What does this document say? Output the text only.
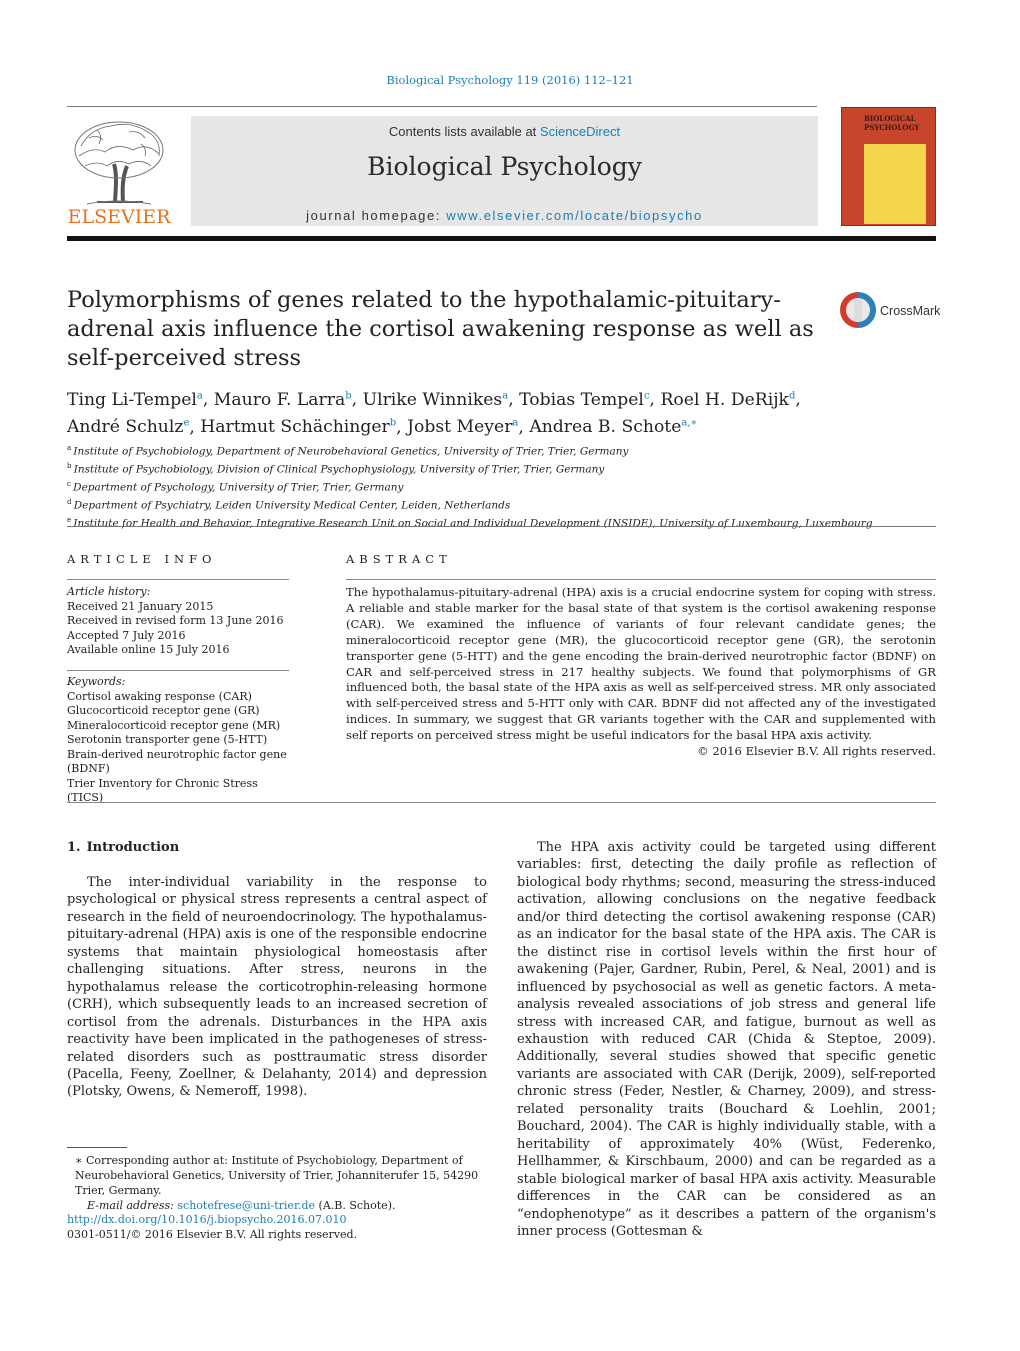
Biological Psychology 119 (2016) 112–121
ELSEVIER
Contents lists available at ScienceDirect
Biological Psychology
journal homepage: www.elsevier.com/locate/biopsycho
BIOLOGICAL
PSYCHOLOGY
Polymorphisms of genes related to the hypothalamic-pituitary-adrenal axis influence the cortisol awakening response as well as self-perceived stress
CrossMark
Ting Li-Tempel$^a$, Mauro F. Larra$^b$, Ulrike Winnikes$^a$, Tobias Tempel$^c$, Roel H. DeRijk$^d$,
André Schulz$^e$, Hartmut Schächinger$^b$, Jobst Meyer$^a$, Andrea B. Schote$^{a,∗}$
$^a$ Institute of Psychobiology, Department of Neurobehavioral Genetics, University of Trier, Trier, Germany
$^b$ Institute of Psychobiology, Division of Clinical Psychophysiology, University of Trier, Trier, Germany
$^c$ Department of Psychology, University of Trier, Trier, Germany
$^d$ Department of Psychiatry, Leiden University Medical Center, Leiden, Netherlands
$^e$ Institute for Health and Behavior, Integrative Research Unit on Social and Individual Development (INSIDE), University of Luxembourg, Luxembourg
ARTICLE INFO
Article history:
Received 21 January 2015
Received in revised form 13 June 2016
Accepted 7 July 2016
Available online 15 July 2016
Keywords:
Cortisol awaking response (CAR)
Glucocorticoid receptor gene (GR)
Mineralocorticoid receptor gene (MR)
Serotonin transporter gene (5-HTT)
Brain-derived neurotrophic factor gene
(BDNF)
Trier Inventory for Chronic Stress (TICS)
ABSTRACT
The hypothalamus-pituitary-adrenal (HPA) axis is a crucial endocrine system for coping with stress. A reliable and stable marker for the basal state of that system is the cortisol awakening response (CAR). We examined the influence of variants of four relevant candidate genes; the mineralocorticoid receptor gene (MR), the glucocorticoid receptor gene (GR), the serotonin transporter gene (5-HTT) and the gene encoding the brain-derived neurotrophic factor (BDNF) on CAR and self-perceived stress in 217 healthy subjects. We found that polymorphisms of GR influenced both, the basal state of the HPA axis as well as self-perceived stress. MR only associated with self-perceived stress and 5-HTT only with CAR. BDNF did not affected any of the investigated indices. In summary, we suggest that GR variants together with the CAR and supplemented with self reports on perceived stress might be useful indicators for the basal HPA axis activity.
© 2016 Elsevier B.V. All rights reserved.
1. Introduction
The inter-individual variability in the response to psychological or physical stress represents a central aspect of research in the field of neuroendocrinology. The hypothalamus-pituitary-adrenal (HPA) axis is one of the responsible endocrine systems that maintain physiological homeostasis after challenging situations. After stress, neurons in the hypothalamus release the corticotrophin-releasing hormone (CRH), which subsequently leads to an increased secretion of cortisol from the adrenals. Disturbances in the HPA axis reactivity have been implicated in the pathogeneses of stress-related disorders such as posttraumatic stress disorder (Pacella, Feeny, Zoellner, & Delahanty, 2014) and depression (Plotsky, Owens, & Nemeroff, 1998).
The HPA axis activity could be targeted using different variables: first, detecting the daily profile as reflection of biological body rhythms; second, measuring the stress-induced activation, allowing conclusions on the negative feedback and/or third detecting the cortisol awakening response (CAR) as an indicator for the basal state of the HPA axis. The CAR is the distinct rise in cortisol levels within the first hour of awakening (Pajer, Gardner, Rubin, Perel, & Neal, 2001) and is influenced by psychosocial as well as genetic factors. A meta-analysis revealed associations of job stress and general life stress with increased CAR, and fatigue, burnout as well as exhaustion with reduced CAR (Chida & Steptoe, 2009). Additionally, several studies showed that specific genetic variants are associated with CAR (Derijk, 2009), self-reported chronic stress (Feder, Nestler, & Charney, 2009), and stress-related personality traits (Bouchard & Loehlin, 2001; Bouchard, 2004). The CAR is highly individually stable, with a heritability of approximately 40% (Wüst, Federenko, Hellhammer, & Kirschbaum, 2000) and can be regarded as a stable biological marker of basal HPA axis activity. Measurable differences in the CAR can be considered as an “endophenotype” as it describes a pattern of the organism's inner process (Gottesman &
∗ Corresponding author at: Institute of Psychobiology, Department of Neurobehavioral Genetics, University of Trier, Johanniterufer 15, 54290 Trier, Germany.
E-mail address: schotefrese@uni-trier.de (A.B. Schote).
http://dx.doi.org/10.1016/j.biopsycho.2016.07.010
0301-0511/© 2016 Elsevier B.V. All rights reserved.
